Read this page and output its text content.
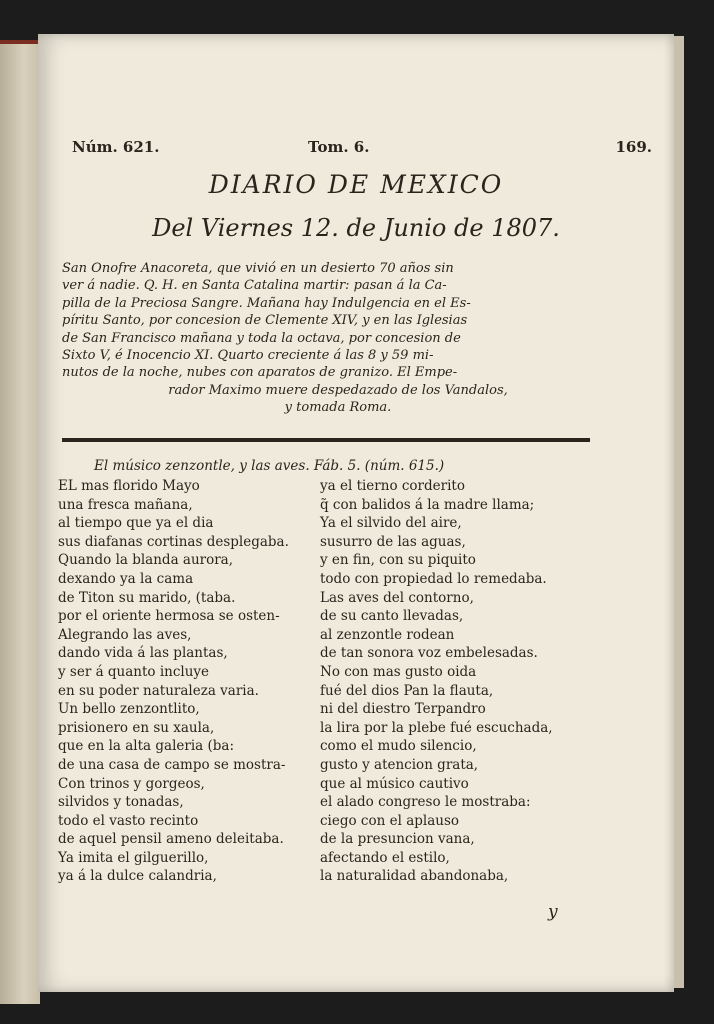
Núm. 621.	Tom. 6.	169.
DIARIO DE MEXICO
Del Viernes 12. de Junio de 1807.

San Onofre Anacoreta, que vivió en un desierto 70 años sin

ver á nadie. Q. H. en Santa Catalina martir: pasan á la Ca-

pilla de la Preciosa Sangre. Mañana hay Indulgencia en el Es-

píritu Santo, por concesion de Clemente XIV, y en las Iglesias

de San Francisco mañana y toda la octava, por concesion de

Sixto V, é Inocencio XI. Quarto creciente á las 8 y 59 mi-

nutos de la noche, nubes con aparatos de granizo. El Empe-

rador Maximo muere despedazado de los Vandalos,

y tomada Roma.

El músico zenzontle, y las aves. Fáb. 5. (núm. 615.)
EL mas florido Mayo
una fresca mañana,
al tiempo que ya el dia
sus diafanas cortinas desplegaba.
Quando la blanda aurora,
dexando ya la cama
de Titon su marido, (taba.
por el oriente hermosa se osten-
Alegrando las aves,
dando vida á las plantas,
y ser á quanto incluye
en su poder naturaleza varia.
Un bello zenzontlito,
prisionero en su xaula,
que en la alta galeria (ba:
de una casa de campo se mostra-
Con trinos y gorgeos,
silvidos y tonadas,
todo el vasto recinto
de aquel pensil ameno deleitaba.
Ya imita el gilguerillo,
ya á la dulce calandria,
ya el tierno corderito
q̃ con balidos á la madre llama;
Ya el silvido del aire,
susurro de las aguas,
y en fin, con su piquito
todo con propiedad lo remedaba.
Las aves del contorno,
de su canto llevadas,
al zenzontle rodean
de tan sonora voz embelesadas.
No con mas gusto oida
fué del dios Pan la flauta,
ni del diestro Terpandro
la lira por la plebe fué escuchada,
como el mudo silencio,
gusto y atencion grata,
que al músico cautivo
el alado congreso le mostraba:
ciego con el aplauso
de la presuncion vana,
afectando el estilo,
la naturalidad abandonaba,
y
